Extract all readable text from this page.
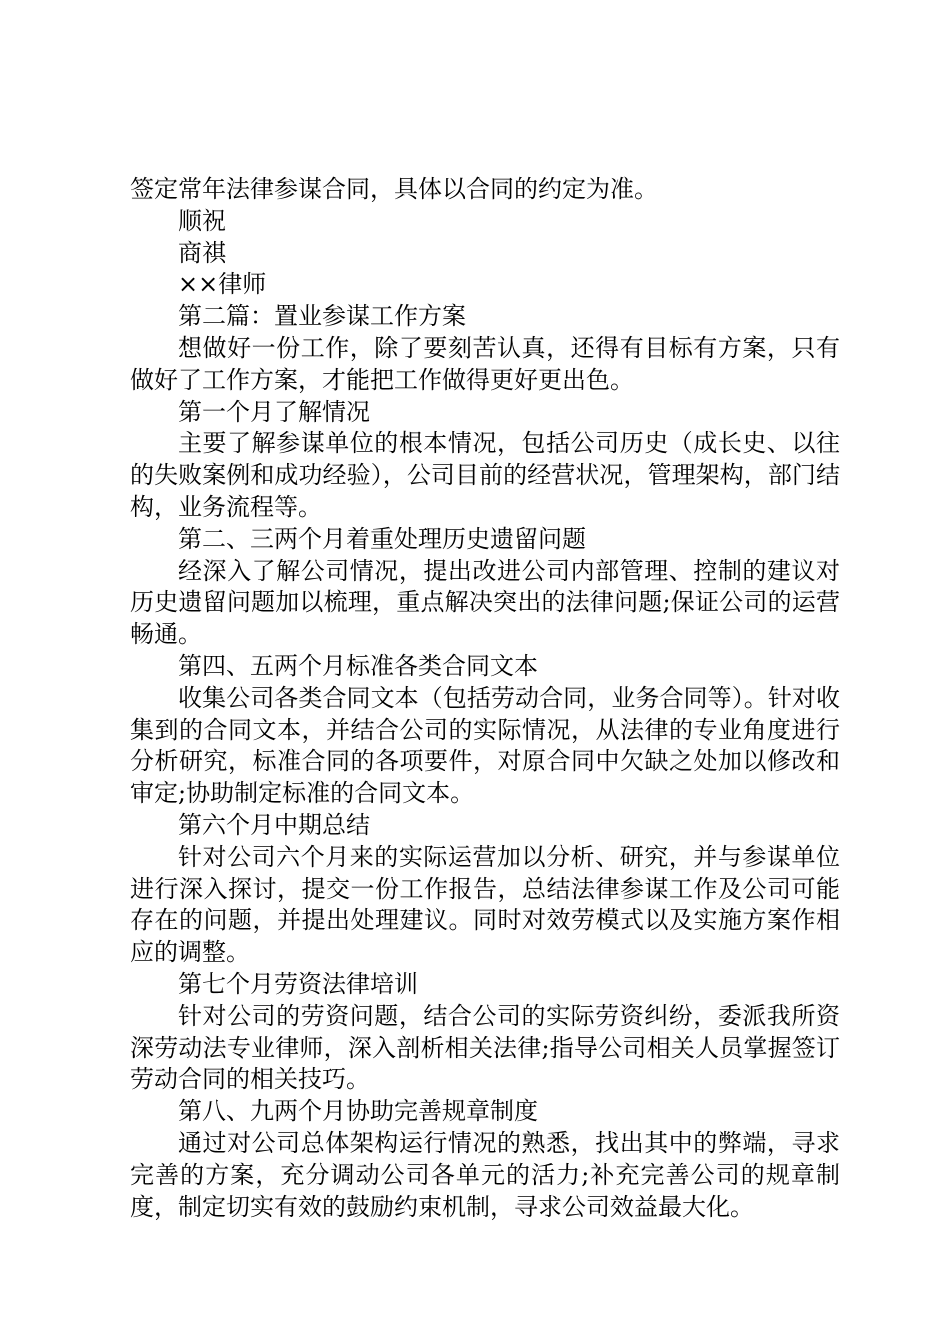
签定常年法律参谋合同，具体以合同的约定为准。

顺祝

商祺

××律师

第二篇：置业参谋工作方案

想做好一份工作，除了要刻苦认真，还得有目标有方案，只有做好了工作方案，才能把工作做得更好更出色。

第一个月了解情况

主要了解参谋单位的根本情况，包括公司历史（成长史、以往的失败案例和成功经验），公司目前的经营状况，管理架构，部门结构，业务流程等。

第二、三两个月着重处理历史遗留问题

经深入了解公司情况，提出改进公司内部管理、控制的建议对历史遗留问题加以梳理，重点解决突出的法律问题;保证公司的运营畅通。

第四、五两个月标准各类合同文本

收集公司各类合同文本（包括劳动合同，业务合同等）。针对收集到的合同文本，并结合公司的实际情况，从法律的专业角度进行分析研究，标准合同的各项要件，对原合同中欠缺之处加以修改和审定;协助制定标准的合同文本。

第六个月中期总结

针对公司六个月来的实际运营加以分析、研究，并与参谋单位进行深入探讨，提交一份工作报告，总结法律参谋工作及公司可能存在的问题，并提出处理建议。同时对效劳模式以及实施方案作相应的调整。

第七个月劳资法律培训

针对公司的劳资问题，结合公司的实际劳资纠纷，委派我所资深劳动法专业律师，深入剖析相关法律;指导公司相关人员掌握签订劳动合同的相关技巧。

第八、九两个月协助完善规章制度

通过对公司总体架构运行情况的熟悉，找出其中的弊端，寻求完善的方案，充分调动公司各单元的活力;补充完善公司的规章制度，制定切实有效的鼓励约束机制，寻求公司效益最大化。
